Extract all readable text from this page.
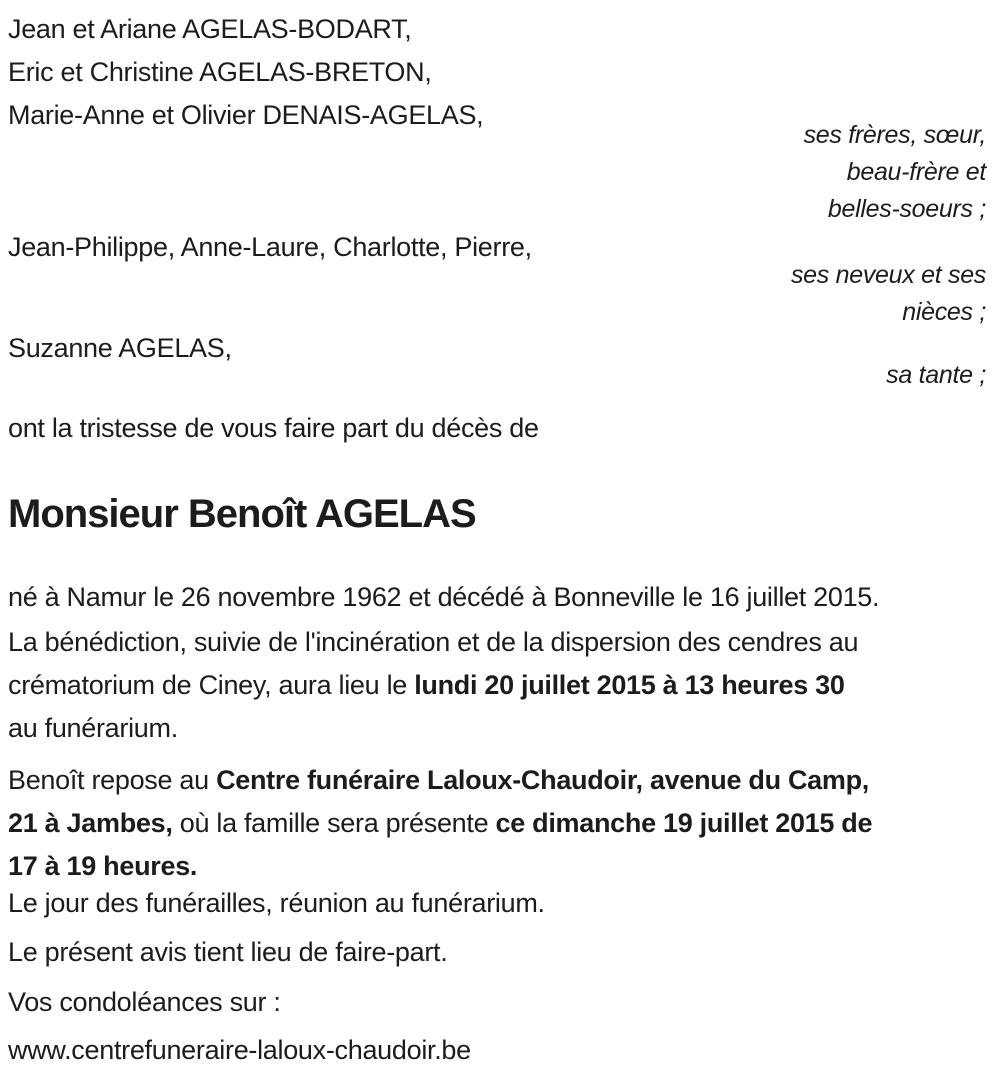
Jean et Ariane AGELAS-BODART,
Eric et Christine AGELAS-BRETON,
Marie-Anne et Olivier DENAIS-AGELAS,
ses frères, sœur,
beau-frère et
belles-soeurs ;
Jean-Philippe, Anne-Laure, Charlotte, Pierre,
ses neveux et ses
nièces ;
Suzanne AGELAS,
sa tante ;
ont la tristesse de vous faire part du décès de
Monsieur Benoît AGELAS
né à Namur le 26 novembre 1962 et décédé à Bonneville le 16 juillet 2015.
La bénédiction, suivie de l'incinération et de la dispersion des cendres au
crématorium de Ciney, aura lieu le lundi 20 juillet 2015 à 13 heures 30
au funérarium.
Benoît repose au Centre funéraire Laloux-Chaudoir, avenue du Camp,
21 à Jambes, où la famille sera présente ce dimanche 19 juillet 2015 de
17 à 19 heures.
Le jour des funérailles, réunion au funérarium.
Le présent avis tient lieu de faire-part.
Vos condoléances sur :
www.centrefuneraire-laloux-chaudoir.be
